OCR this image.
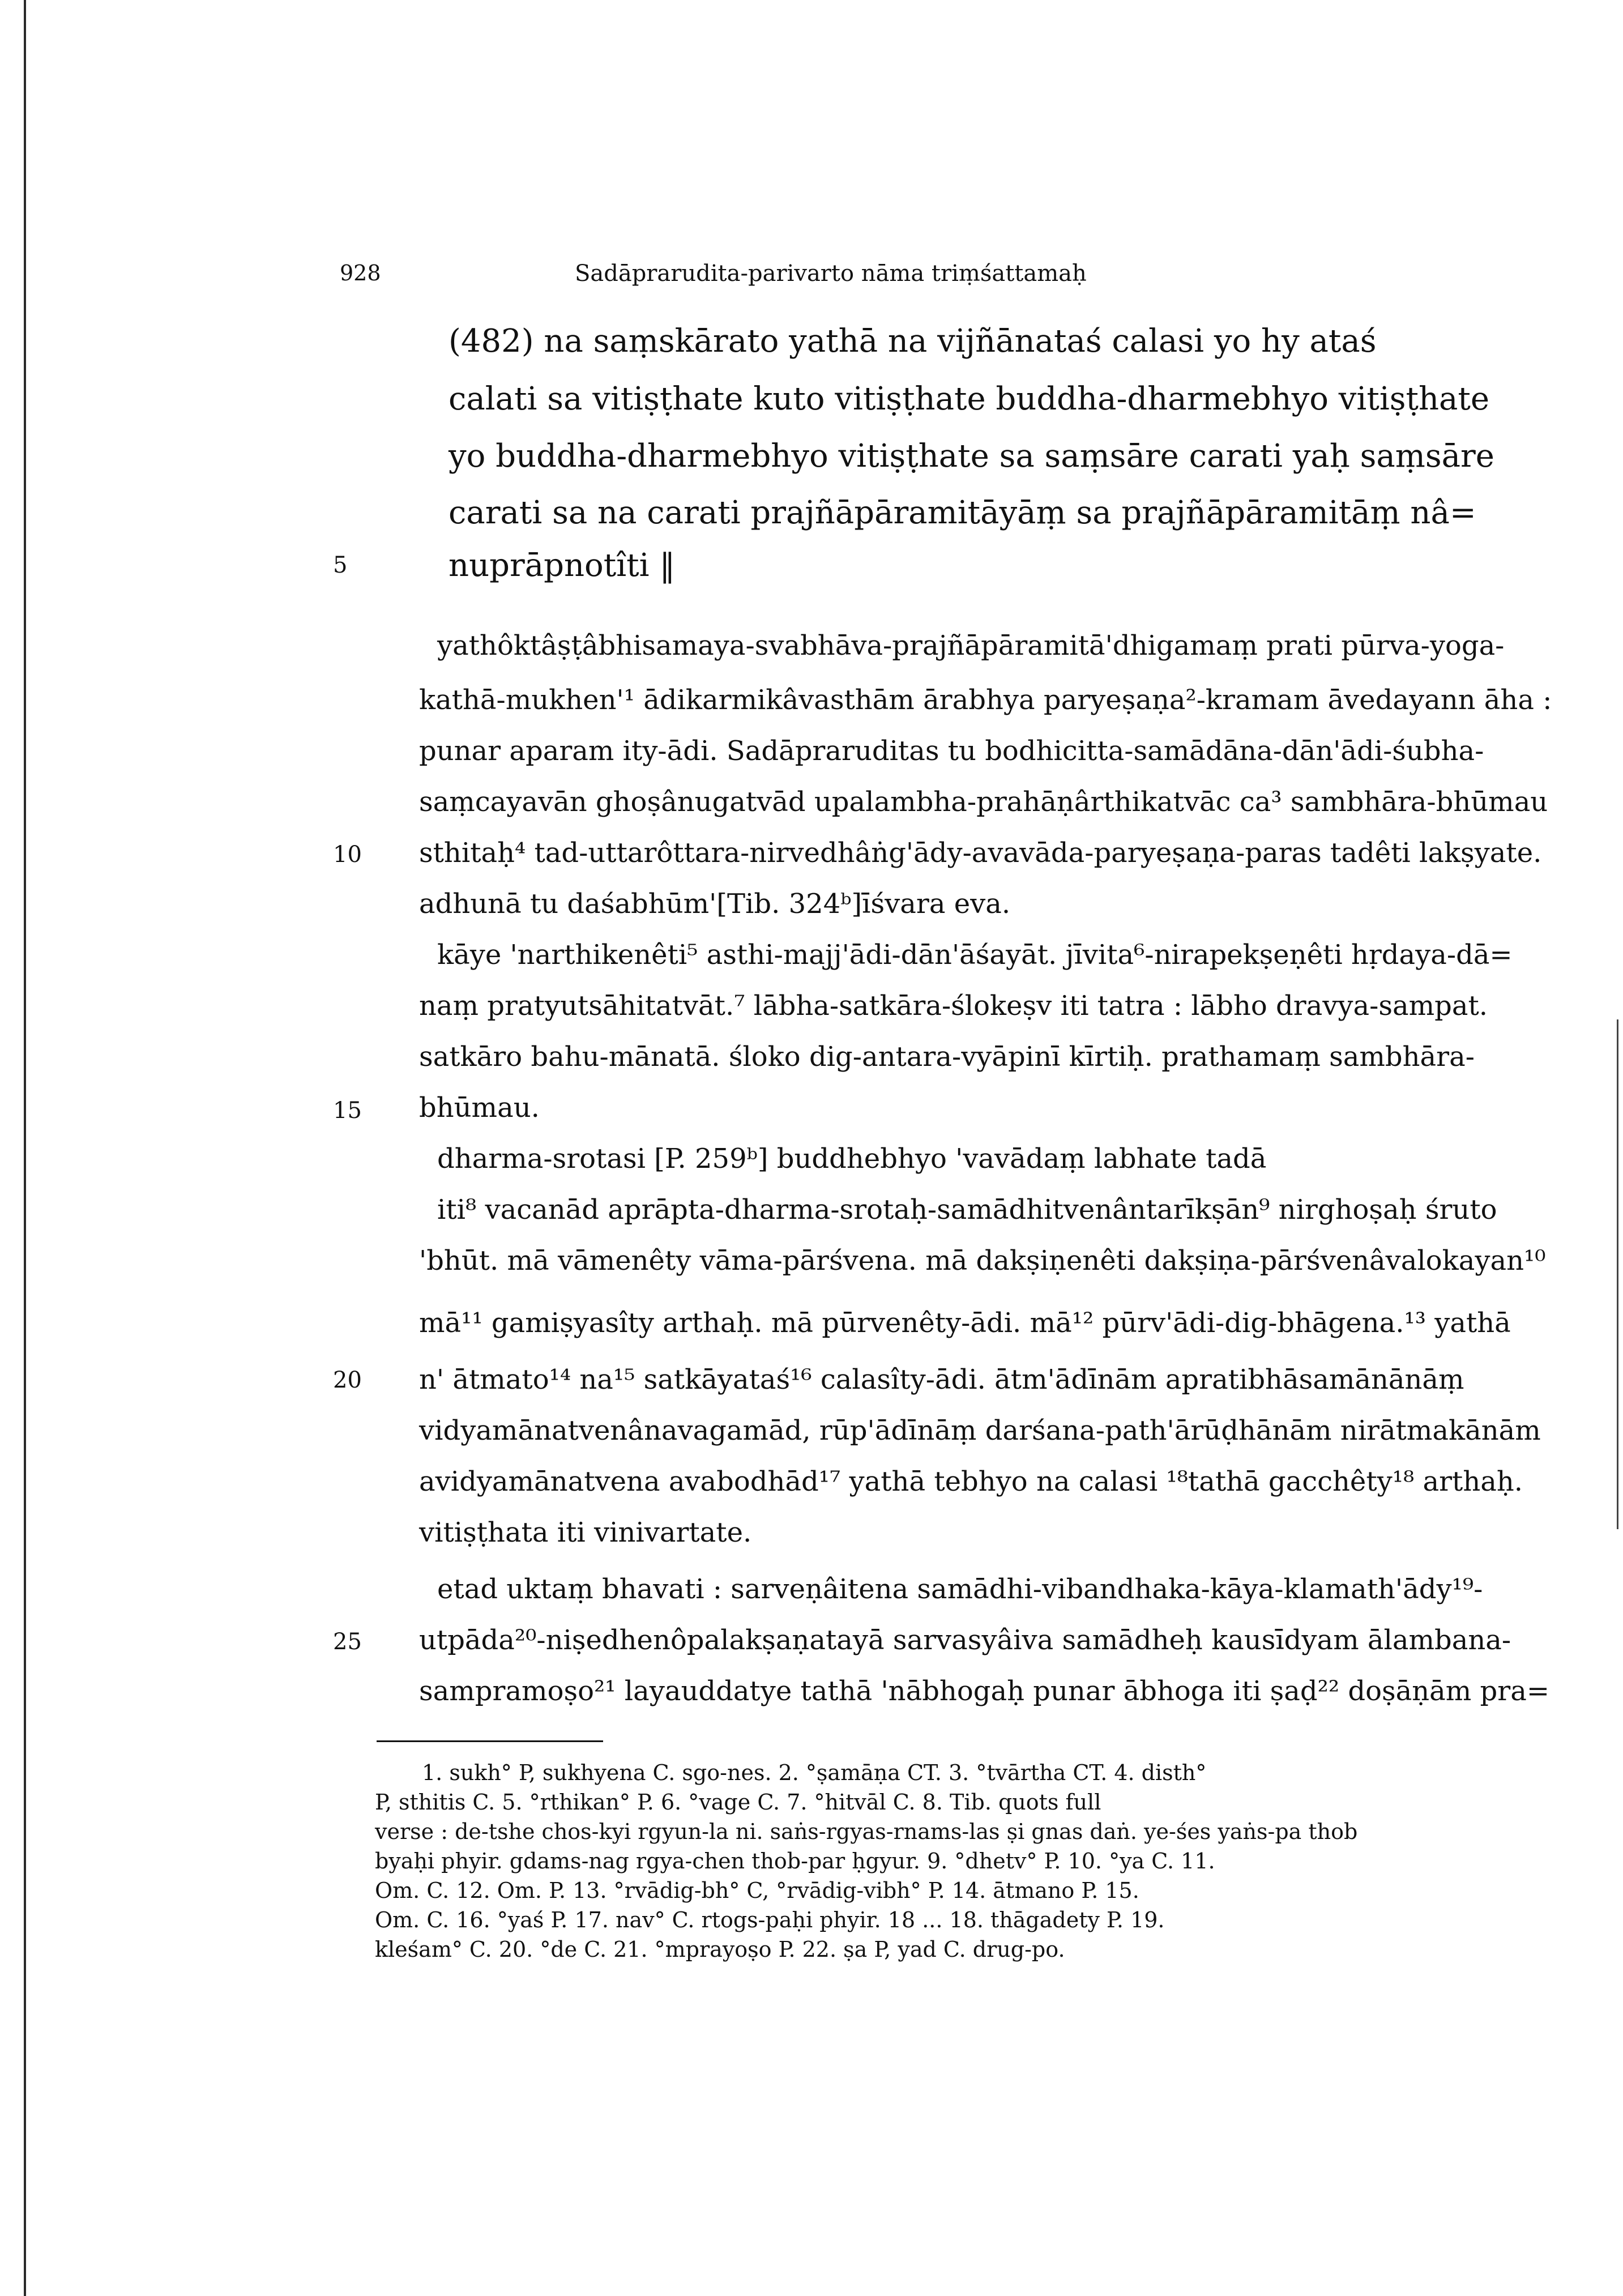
928	Sadāprarudita-parivarto nāma triṃśattamaḥ
5
10
15
20
25
(482) na saṃskārato yathā na vijñānataś calasi yo hy ataś
calati sa vitiṣṭhate kuto vitiṣṭhate buddha-dharmebhyo vitiṣṭhate
yo buddha-dharmebhyo vitiṣṭhate sa saṃsāre carati yaḥ saṃsāre
carati sa na carati prajñāpāramitāyāṃ sa prajñāpāramitāṃ nâ=
nuprāpnotîti ‖
yathôktâṣṭâbhisamaya-svabhāva-prajñāpāramitā'dhigamaṃ prati pūrva-yoga-
kathā-mukhen'¹ ādikarmikâvasthām ārabhya paryeṣaṇa²-kramam āvedayann āha :
punar aparam ity-ādi. Sadāpraruditas tu bodhicitta-samādāna-dān'ādi-śubha-
saṃcayavān ghoṣânugatvād upalambha-prahāṇârthikatvāc ca³ sambhāra-bhūmau
sthitaḥ⁴ tad-uttarôttara-nirvedhâṅg'ādy-avavāda-paryeṣaṇa-paras tadêti lakṣyate.
adhunā tu daśabhūm'[Tib. 324ᵇ]īśvara eva.
kāye 'narthikenêti⁵ asthi-majj'ādi-dān'āśayāt. jīvita⁶-nirapekṣeṇêti hṛdaya-dā=
naṃ pratyutsāhitatvāt.⁷ lābha-satkāra-ślokeṣv iti tatra : lābho dravya-sampat.
satkāro bahu-mānatā. śloko dig-antara-vyāpinī kīrtiḥ. prathamaṃ sambhāra-
bhūmau.
dharma-srotasi [P. 259ᵇ] buddhebhyo 'vavādaṃ labhate tadā
iti⁸ vacanād aprāpta-dharma-srotaḥ-samādhitvenântarīkṣān⁹ nirghoṣaḥ śruto
'bhūt. mā vāmenêty vāma-pārśvena. mā dakṣiṇenêti dakṣiṇa-pārśvenâvalokayan¹⁰
mā¹¹ gamiṣyasîty arthaḥ. mā pūrvenêty-ādi. mā¹² pūrv'ādi-dig-bhāgena.¹³ yathā
n' ātmato¹⁴ na¹⁵ satkāyataś¹⁶ calasîty-ādi. ātm'ādīnām apratibhāsamānānāṃ
vidyamānatvenânavagamād, rūp'ādīnāṃ darśana-path'ārūḍhānām nirātmakānām
avidyamānatvena avabodhād¹⁷ yathā tebhyo na calasi ¹⁸tathā gacchêty¹⁸ arthaḥ.
vitiṣṭhata iti vinivartate.
etad uktaṃ bhavati : sarveṇâitena samādhi-vibandhaka-kāya-klamath'ādy¹⁹-
utpāda²⁰-niṣedhenôpalakṣaṇatayā sarvasyâiva samādheḥ kausīdyam ālambana-
sampramoṣo²¹ layauddatye tathā 'nābhogaḥ punar ābhoga iti ṣaḍ²² doṣāṇām pra=
1. sukh° P, sukhyena C. sgo-nes. 2. °ṣamāṇa CT. 3. °tvārtha CT. 4. disth°
P, sthitis C. 5. °rthikan° P. 6. °vage C. 7. °hitvāl C. 8. Tib. quots full
verse : de-tshe chos-kyi rgyun-la ni. saṅs-rgyas-rnams-las ṣi gnas daṅ. ye-śes yaṅs-pa thob
byaḥi phyir. gdams-nag rgya-chen thob-par ḥgyur. 9. °dhetv° P. 10. °ya C. 11.
Om. C. 12. Om. P. 13. °rvādig-bh° C, °rvādig-vibh° P. 14. ātmano P. 15.
Om. C. 16. °yaś P. 17. nav° C. rtogs-paḥi phyir. 18 ... 18. thāgadety P. 19.
kleśam° C. 20. °de C. 21. °mprayoṣo P. 22. ṣa P, yad C. drug-po.
